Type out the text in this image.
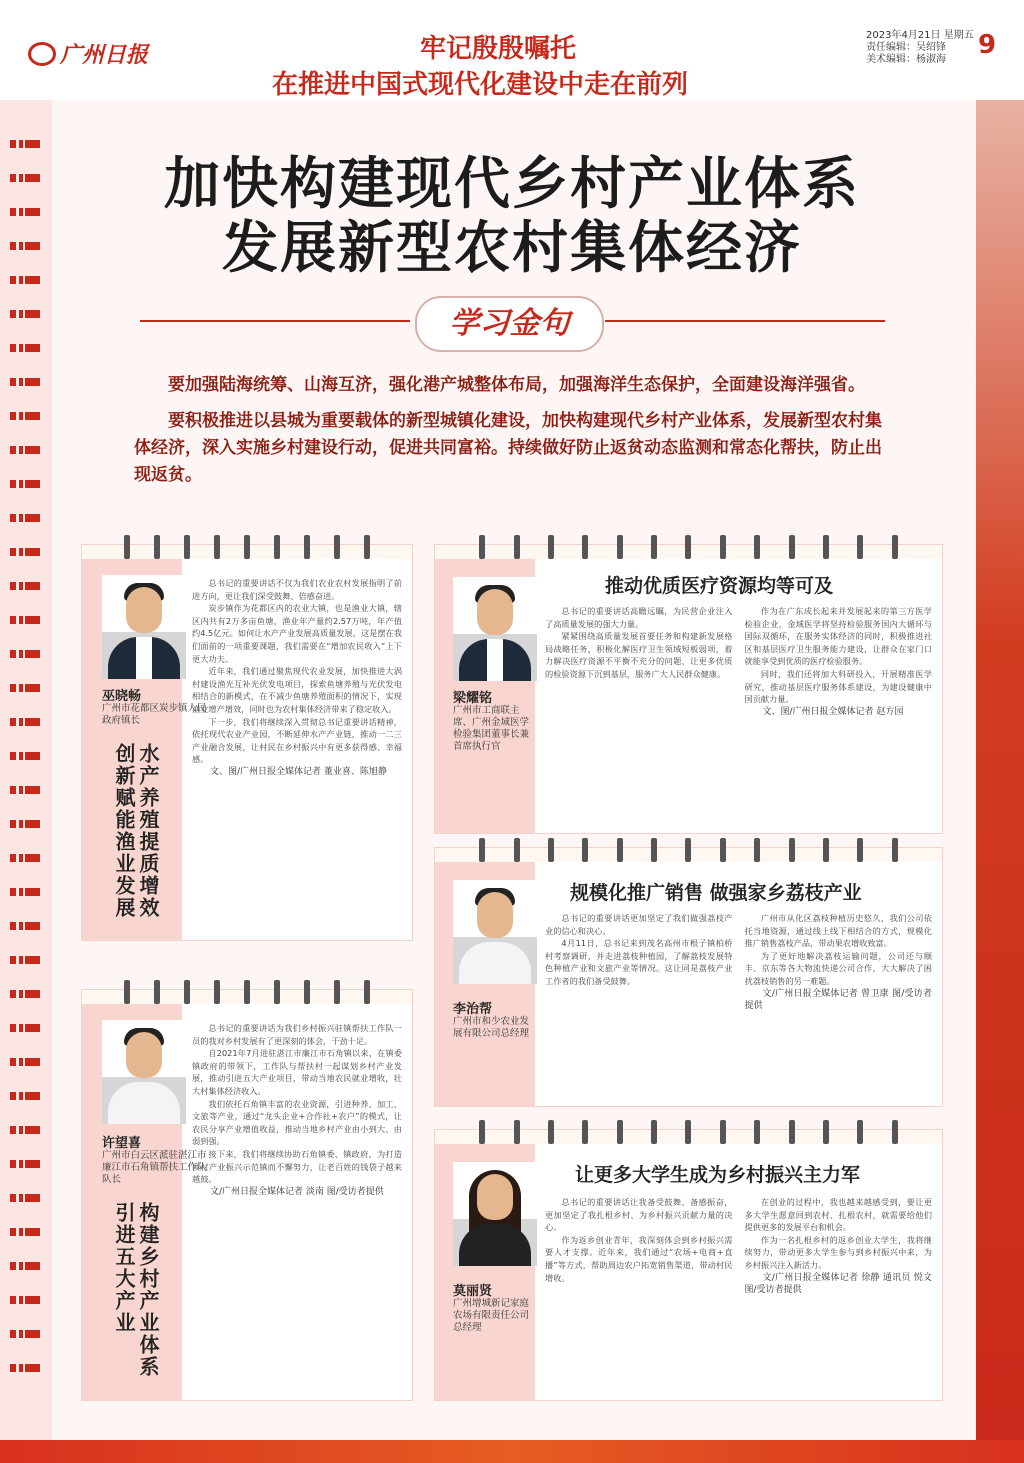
广州日报	牢记殷殷嘱托
在推进中国式现代化建设中走在前列
2023年4月21日 星期五
责任编辑：吴绍锋
美术编辑：杨淑海	9
加快构建现代乡村产业体系
发展新型农村集体经济
学习金句
要加强陆海统筹、山海互济，强化港产城整体布局，加强海洋生态保护，全面建设海洋强省。
要积极推进以县城为重要载体的新型城镇化建设，加快构建现代乡村产业体系，发展新型农村集体经济，深入实施乡村建设行动，促进共同富裕。持续做好防止返贫动态监测和常态化帮扶，防止出现返贫。
巫晓畅
广州市花都区炭步镇人民政府镇长
水产养殖提质增效 创新赋能渔业发展

总书记的重要讲话不仅为我们农业农村发展指明了前进方向，更让我们深受鼓舞、倍感奋进。

炭步镇作为花都区内的农业大镇，也是渔业大镇，辖区内共有2万多亩鱼塘，渔业年产量约2.57万吨，年产值约4.5亿元。如何让水产产业发展高质量发展，这是摆在我们面前的一项重要课题，我们需要在“增加农民收入”上下更大功夫。

近年来，我们通过聚焦现代农业发展，加快推进大涡村建设渔光互补光伏发电项目，探索鱼塘养殖与光伏发电相结合的新模式，在不减少鱼塘养殖面积的情况下，实现渔业增产增效，同时也为农村集体经济带来了稳定收入。

下一步，我们将继续深入贯彻总书记重要讲话精神，依托现代农业产业园，不断延伸水产产业链，推动一二三产业融合发展，让村民在乡村振兴中有更多获得感、幸福感。

文、图/广州日报全媒体记者 董业喜、陈旭静

许望喜
广州市白云区派驻湛江市廉江市石角镇帮扶工作队队长
构建乡村产业体系 引进五大产业

总书记的重要讲话为我们乡村振兴驻镇帮扶工作队一员的我对乡村发展有了更深刻的体会，干劲十足。

自2021年7月进驻湛江市廉江市石角镇以来，在镇委镇政府的带领下，工作队与帮扶村一起谋划乡村产业发展，推动引进五大产业项目，带动当地农民就业增收，壮大村集体经济收入。

我们依托石角镇丰富的农业资源，引进种养、加工、文旅等产业，通过“龙头企业+合作社+农户”的模式，让农民分享产业增值收益，推动当地乡村产业由小到大、由弱到强。

接下来，我们将继续协助石角镇委、镇政府，为打造乡村产业振兴示范镇而不懈努力，让老百姓的钱袋子越来越鼓。

文/广州日报全媒体记者 淡南 图/受访者提供

梁耀铭
广州市工商联主席、广州金域医学检验集团董事长兼首席执行官
推动优质医疗资源均等可及

总书记的重要讲话高瞻远瞩，为民营企业注入了高质量发展的强大力量。

紧紧围绕高质量发展首要任务和构建新发展格局战略任务，积极化解医疗卫生领域短板弱项，着力解决医疗资源不平衡不充分的问题，让更多优质的检验资源下沉到基层，服务广大人民群众健康。

作为在广东成长起来并发展起来的第三方医学检验企业，金域医学将坚持检验服务国内大循环与国际双循环，在服务实体经济的同时，积极推进社区和基层医疗卫生服务能力建设，让群众在家门口就能享受到优质的医疗检验服务。

同时，我们还将加大科研投入，开展精准医学研究，推动基层医疗服务体系建设，为建设健康中国贡献力量。

文、图/广州日报全媒体记者 赵方园

李治帮
广州市和少农业发展有限公司总经理
规模化推广销售 做强家乡荔枝产业

总书记的重要讲话更加坚定了我们做强荔枝产业的信心和决心。

4月11日，总书记来到茂名高州市根子镇柏桥村考察调研，并走进荔枝种植园，了解荔枝发展特色种植产业和文旅产业等情况。这让同是荔枝产业工作者的我们备受鼓舞。

广州市从化区荔枝种植历史悠久，我们公司依托当地资源，通过线上线下相结合的方式，规模化推广销售荔枝产品，带动果农增收致富。

为了更好地解决荔枝运输问题，公司还与顺丰、京东等各大物流快递公司合作，大大解决了困扰荔枝销售的另一难题。

文/广州日报全媒体记者 曾卫康 图/受访者提供

莫丽贤
广州增城新记家庭农场有限责任公司总经理
让更多大学生成为乡村振兴主力军

总书记的重要讲话让我备受鼓舞、备感振奋，更加坚定了我扎根乡村、为乡村振兴贡献力量的决心。

作为返乡创业青年，我深刻体会到乡村振兴需要人才支撑。近年来，我们通过“农场+电商+直播”等方式，帮助周边农户拓宽销售渠道，带动村民增收。

在创业的过程中，我也越来越感受到，要让更多大学生愿意回到农村、扎根农村，就需要给他们提供更多的发展平台和机会。

作为一名扎根乡村的返乡创业大学生，我将继续努力，带动更多大学生参与到乡村振兴中来，为乡村振兴注入新活力。

文/广州日报全媒体记者 徐静 通讯员 悦文 图/受访者提供
